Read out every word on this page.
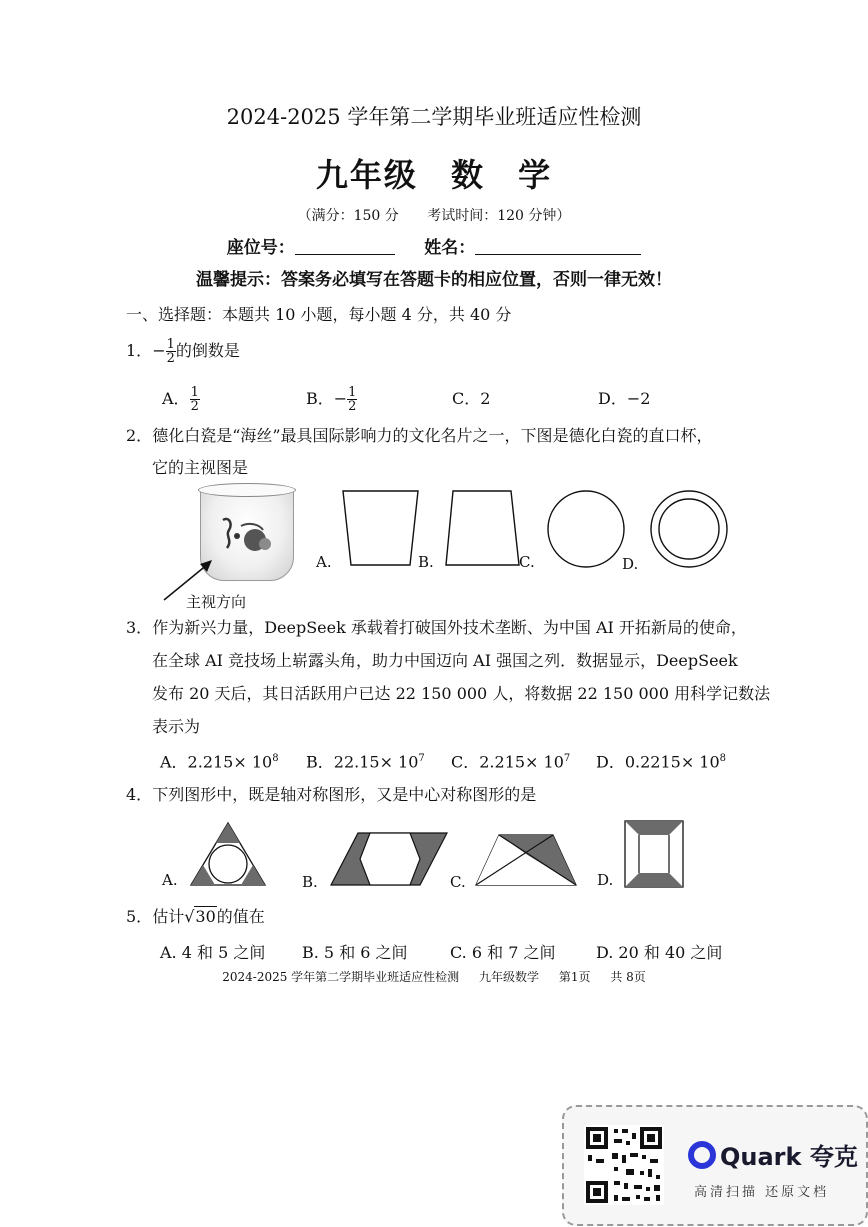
2024-2025 学年第二学期毕业班适应性检测
九年级 数 学
（满分：150 分 考试时间：120 分钟）
座位号：	姓名：
温馨提示：答案务必填写在答题卡的相应位置，否则一律无效！
一、选择题：本题共 10 小题，每小题 4 分，共 40 分
1．− $\frac{1}{2}$ 的倒数是
A． $\frac{1}{2}$	B．− $\frac{1}{2}$	C．2	D．−2
2．德化白瓷是“海丝”最具国际影响力的文化名片之一，下图是德化白瓷的直口杯，
它的主视图是
主视方向
A.	B.	C.	D.
3．作为新兴力量，DeepSeek 承载着打破国外技术垄断、为中国 AI 开拓新局的使命，
在全球 AI 竞技场上崭露头角，助力中国迈向 AI 强国之列．数据显示，DeepSeek
发布 20 天后，其日活跃用户已达 22 150 000 人，将数据 22 150 000 用科学记数法
表示为
A．$2.215\times 10^8$ B．$22.15\times 10^7$ C．$2.215\times 10^7$ D．$0.2215\times 10^8$
4．下列图形中，既是轴对称图形，又是中心对称图形的是
A.	B.	C.	D.
5．估计√30的值在
A. 4 和 5 之间 B. 5 和 6 之间	C. 6 和 7 之间	D. 20 和 40 之间
2024-2025 学年第二学期毕业班适应性检测 九年级数学 第1页 共 8页
Quark 夸克
高清扫描 还原文档
